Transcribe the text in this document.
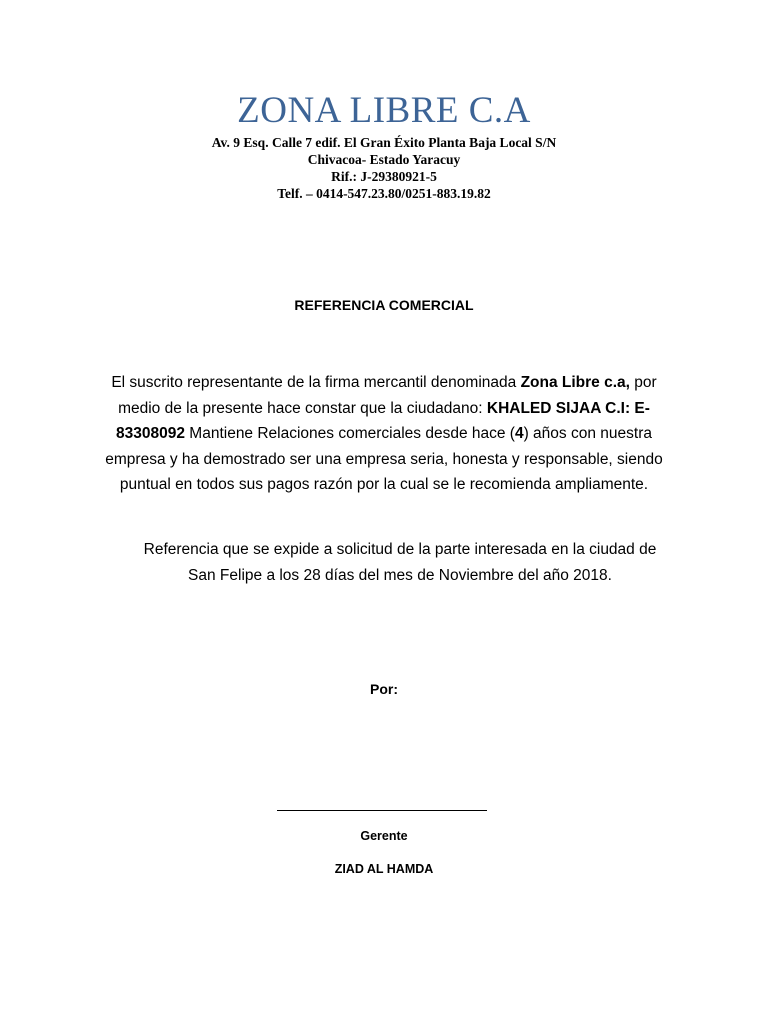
ZONA LIBRE C.A
Av. 9 Esq. Calle 7 edif. El Gran Éxito Planta Baja Local S/N
Chivacoa- Estado Yaracuy
Rif.: J-29380921-5
Telf. – 0414-547.23.80/0251-883.19.82
REFERENCIA COMERCIAL
El suscrito representante de la firma mercantil denominada Zona Libre c.a, por medio de la presente hace constar que la ciudadano: KHALED SIJAA C.I: E-83308092 Mantiene Relaciones comerciales desde hace (4) años con nuestra empresa y ha demostrado ser una empresa seria, honesta y responsable, siendo puntual en todos sus pagos razón por la cual se le recomienda ampliamente.
Referencia que se expide a solicitud de la parte interesada en la ciudad de San Felipe a los 28 días del mes de Noviembre del año 2018.
Por:
Gerente
ZIAD AL HAMDA
